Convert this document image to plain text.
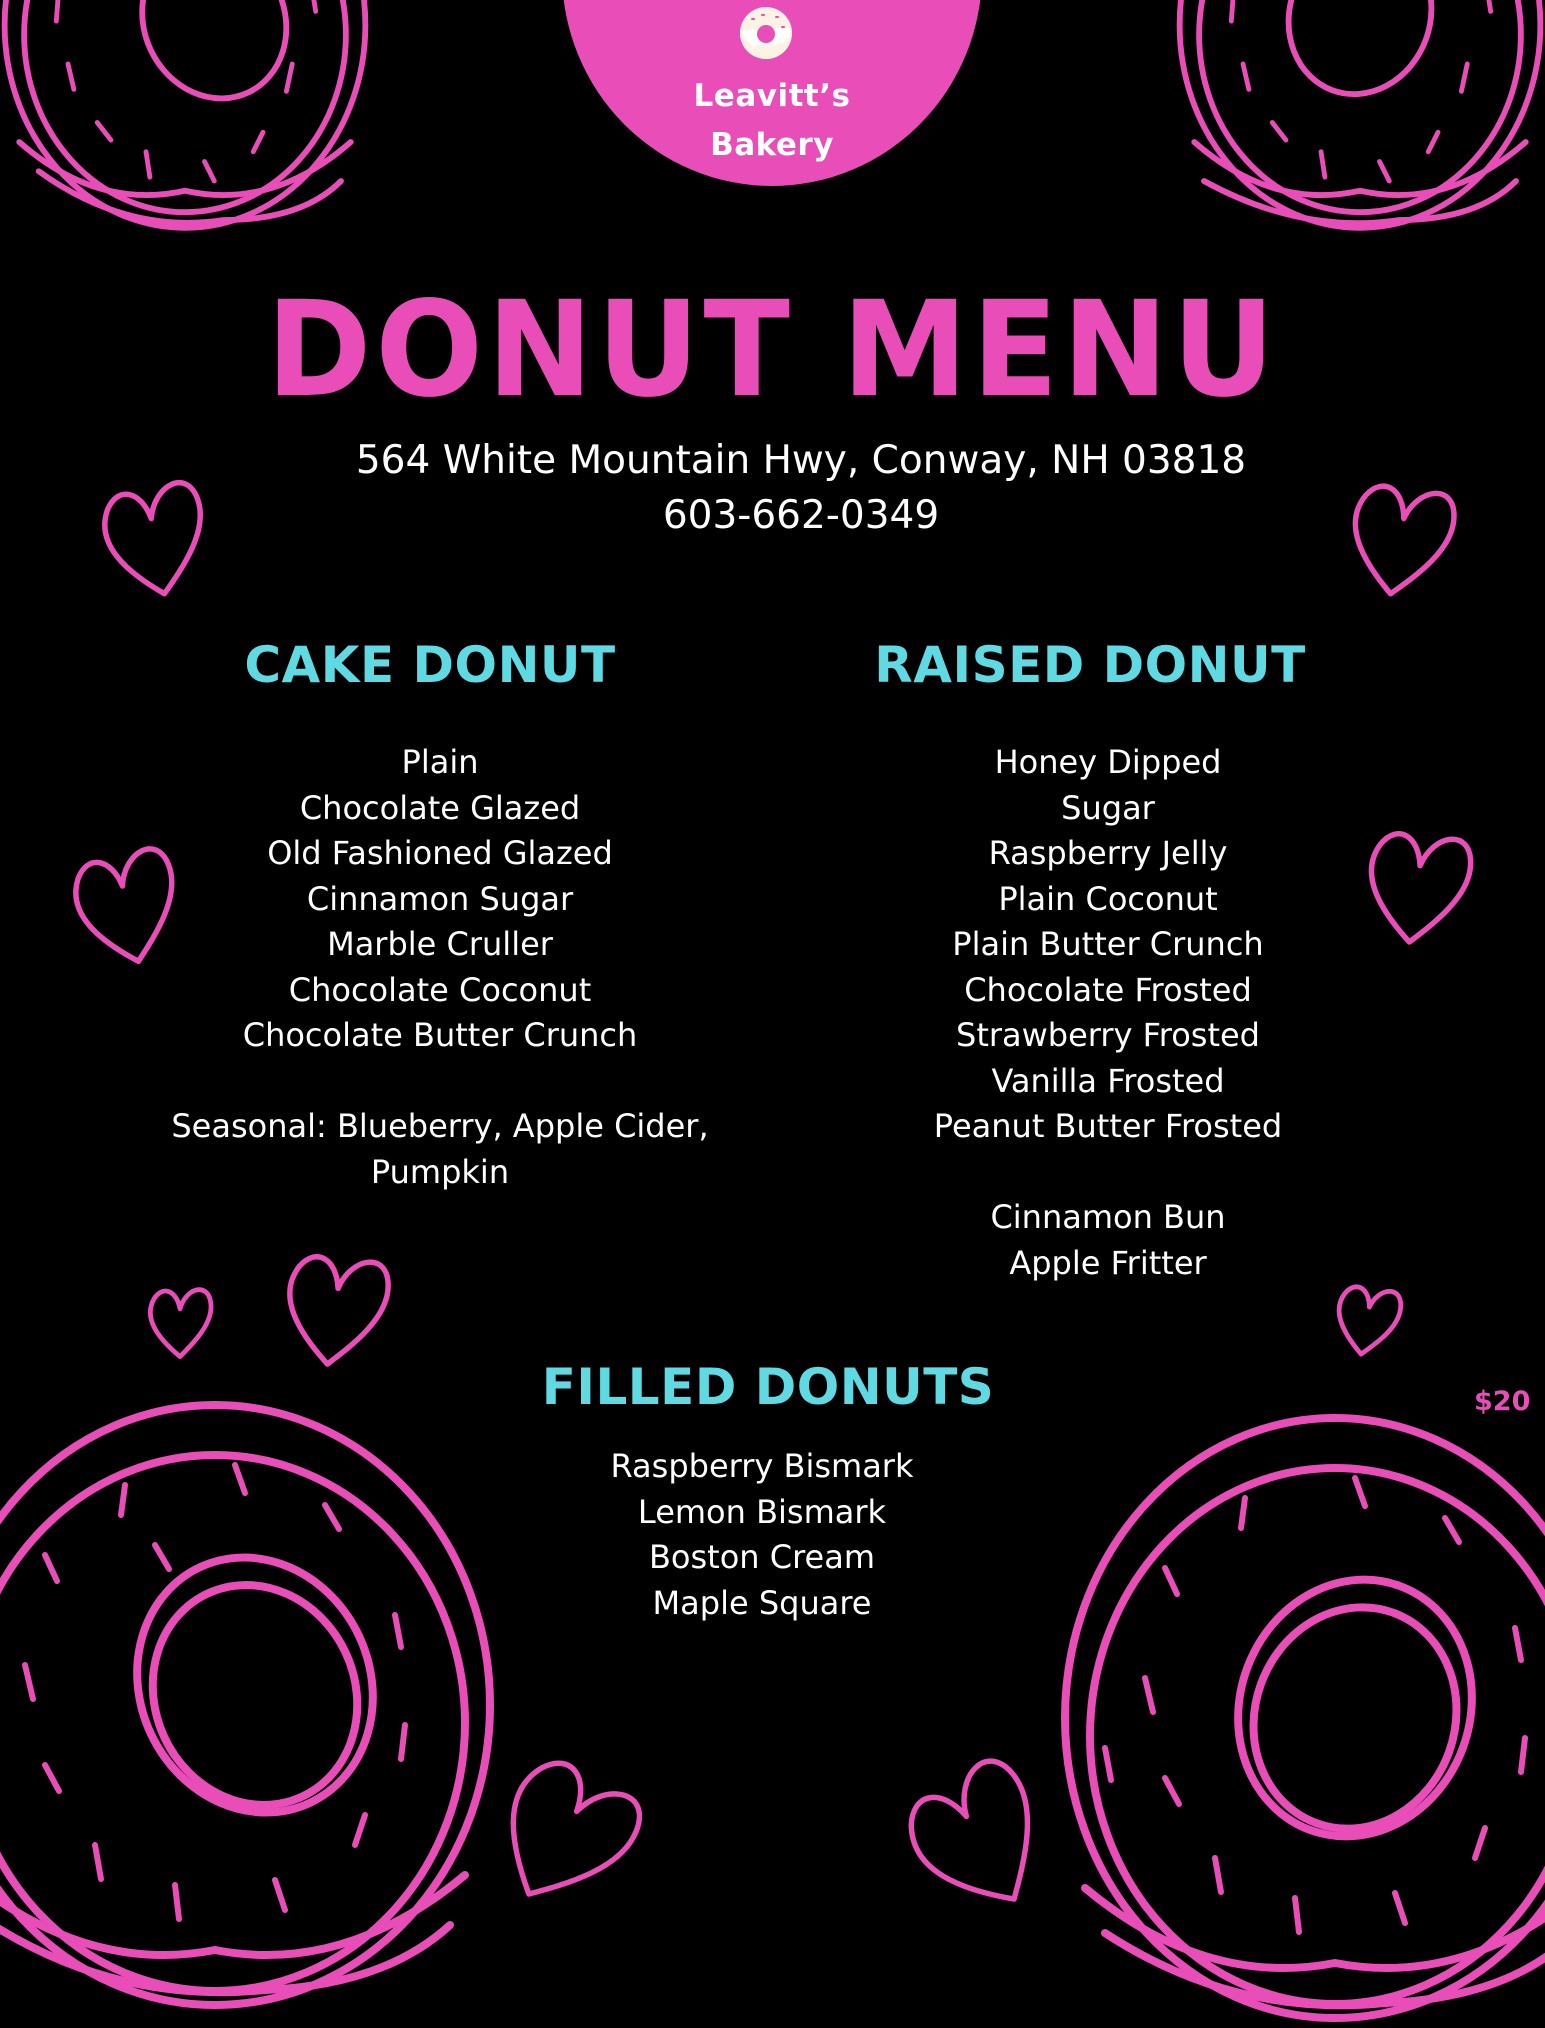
Leavitt’s
Bakery
DONUT MENU
564 White Mountain Hwy, Conway, NH 03818
603-662-0349
CAKE DONUT
Plain
Chocolate Glazed
Old Fashioned Glazed
Cinnamon Sugar
Marble Cruller
Chocolate Coconut
Chocolate Butter Crunch
Seasonal: Blueberry, Apple Cider,
Pumpkin
RAISED DONUT
Honey Dipped
Sugar
Raspberry Jelly
Plain Coconut
Plain Butter Crunch
Chocolate Frosted
Strawberry Frosted
Vanilla Frosted
Peanut Butter Frosted
Cinnamon Bun
Apple Fritter
FILLED DONUTS
Raspberry Bismark
Lemon Bismark
Boston Cream
Maple Square
$20
